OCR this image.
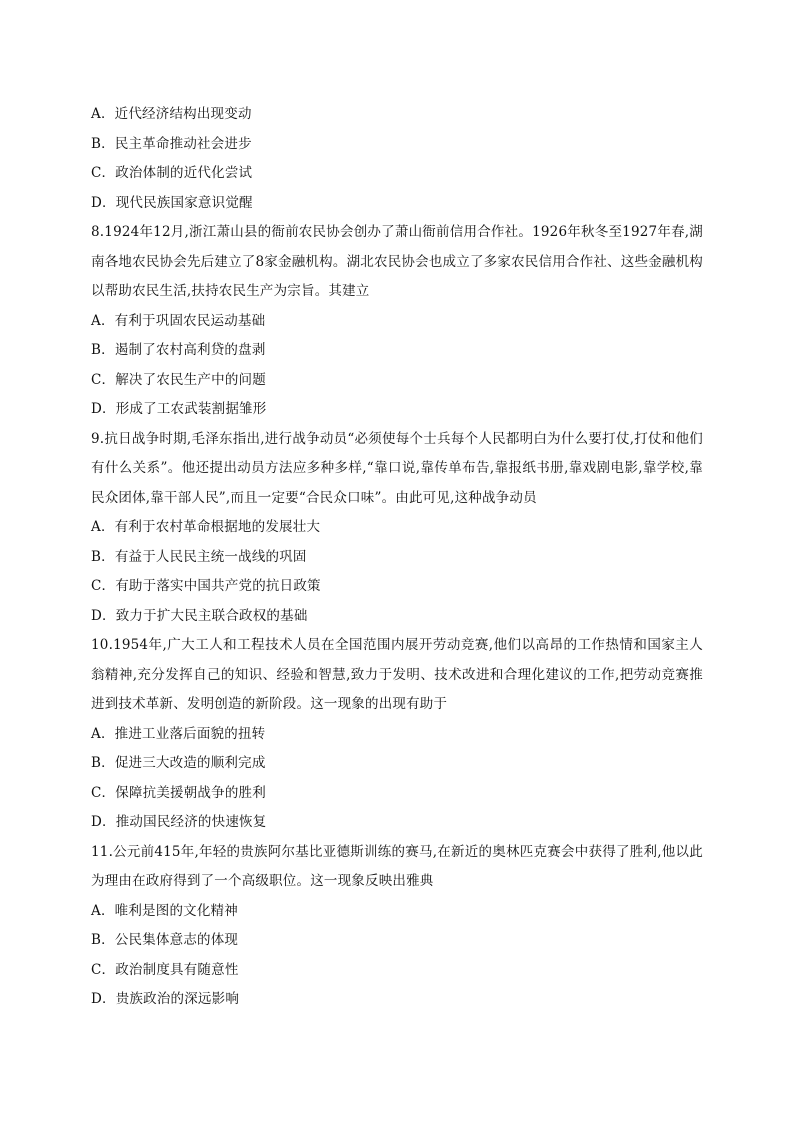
A．近代经济结构出现变动
B．民主革命推动社会进步
C．政治体制的近代化尝试
D．现代民族国家意识觉醒
8.1924年12月,浙江萧山县的衙前农民协会创办了萧山衙前信用合作社。1926年秋冬至1927年春,湖南各地农民协会先后建立了8家金融机构。湖北农民协会也成立了多家农民信用合作社、这些金融机构以帮助农民生活,扶持农民生产为宗旨。其建立
A．有利于巩固农民运动基础
B．遏制了农村高利贷的盘剥
C．解决了农民生产中的问题
D．形成了工农武装割据雏形
9.抗日战争时期,毛泽东指出,进行战争动员“必须使每个士兵每个人民都明白为什么要打仗,打仗和他们有什么关系”。他还提出动员方法应多种多样,“靠口说,靠传单布告,靠报纸书册,靠戏剧电影,靠学校,靠民众团体,靠干部人民”,而且一定要“合民众口味”。由此可见,这种战争动员
A．有利于农村革命根据地的发展壮大
B．有益于人民民主统一战线的巩固
C．有助于落实中国共产党的抗日政策
D．致力于扩大民主联合政权的基础
10.1954年,广大工人和工程技术人员在全国范围内展开劳动竞赛,他们以高昂的工作热情和国家主人翁精神,充分发挥自己的知识、经验和智慧,致力于发明、技术改进和合理化建议的工作,把劳动竞赛推进到技术革新、发明创造的新阶段。这一现象的出现有助于
A．推进工业落后面貌的扭转
B．促进三大改造的顺利完成
C．保障抗美援朝战争的胜利
D．推动国民经济的快速恢复
11.公元前415年,年轻的贵族阿尔基比亚德斯训练的赛马,在新近的奥林匹克赛会中获得了胜利,他以此为理由在政府得到了一个高级职位。这一现象反映出雅典
A．唯利是图的文化精神
B．公民集体意志的体现
C．政治制度具有随意性
D．贵族政治的深远影响
